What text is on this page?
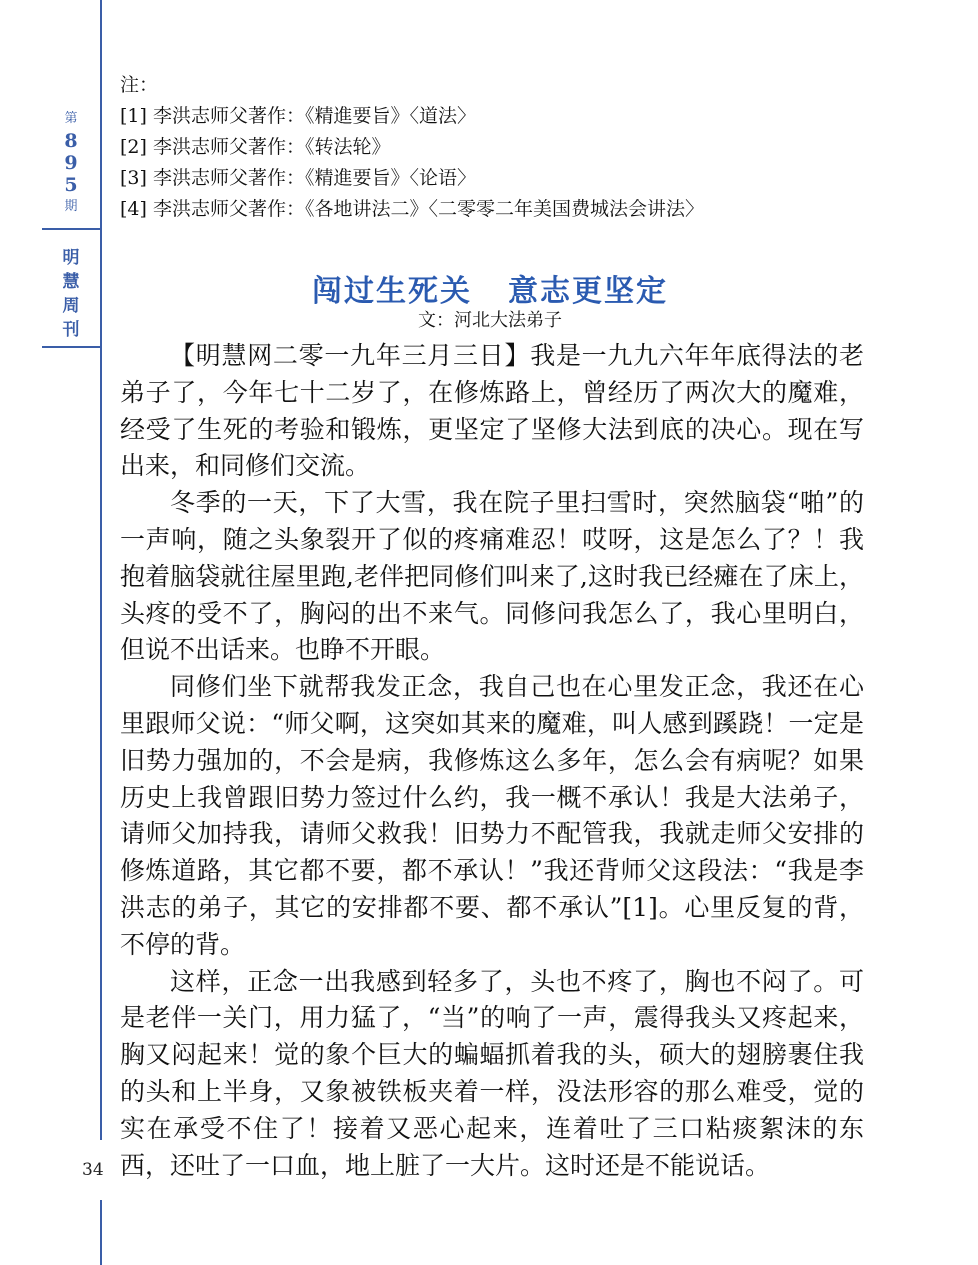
第
8
9
5
期
明
慧
周
刊
34
注：
[1] 李洪志师父著作：《精進要旨》〈道法〉
[2] 李洪志师父著作：《转法轮》
[3] 李洪志师父著作：《精進要旨》〈论语〉
[4] 李洪志师父著作：《各地讲法二》〈二零零二年美国费城法会讲法〉
闯过生死关 意志更坚定
文：河北大法弟子

【明慧网二零一九年三月三日】我是一九九六年年底得法的老弟子了，今年七十二岁了，在修炼路上，曾经历了两次大的魔难，经受了生死的考验和锻炼，更坚定了坚修大法到底的决心。现在写出来，和同修们交流。

冬季的一天，下了大雪，我在院子里扫雪时，突然脑袋“啪”的一声响，随之头象裂开了似的疼痛难忍！哎呀，这是怎么了？！我抱着脑袋就往屋里跑,老伴把同修们叫来了,这时我已经瘫在了床上，头疼的受不了，胸闷的出不来气。同修问我怎么了，我心里明白，但说不出话来。也睁不开眼。

同修们坐下就帮我发正念，我自己也在心里发正念，我还在心里跟师父说：“师父啊，这突如其来的魔难，叫人感到蹊跷！一定是旧势力强加的，不会是病，我修炼这么多年，怎么会有病呢？如果历史上我曾跟旧势力签过什么约，我一概不承认！我是大法弟子，请师父加持我，请师父救我！旧势力不配管我，我就走师父安排的修炼道路，其它都不要，都不承认！”我还背师父这段法：“我是李洪志的弟子，其它的安排都不要、都不承认”[1]。心里反复的背，不停的背。

这样，正念一出我感到轻多了，头也不疼了，胸也不闷了。可是老伴一关门，用力猛了，“当”的响了一声，震得我头又疼起来，胸又闷起来！觉的象个巨大的蝙蝠抓着我的头，硕大的翅膀裹住我的头和上半身，又象被铁板夹着一样，没法形容的那么难受，觉的实在承受不住了！接着又恶心起来，连着吐了三口粘痰絮沫的东西，还吐了一口血，地上脏了一大片。这时还是不能说话。
